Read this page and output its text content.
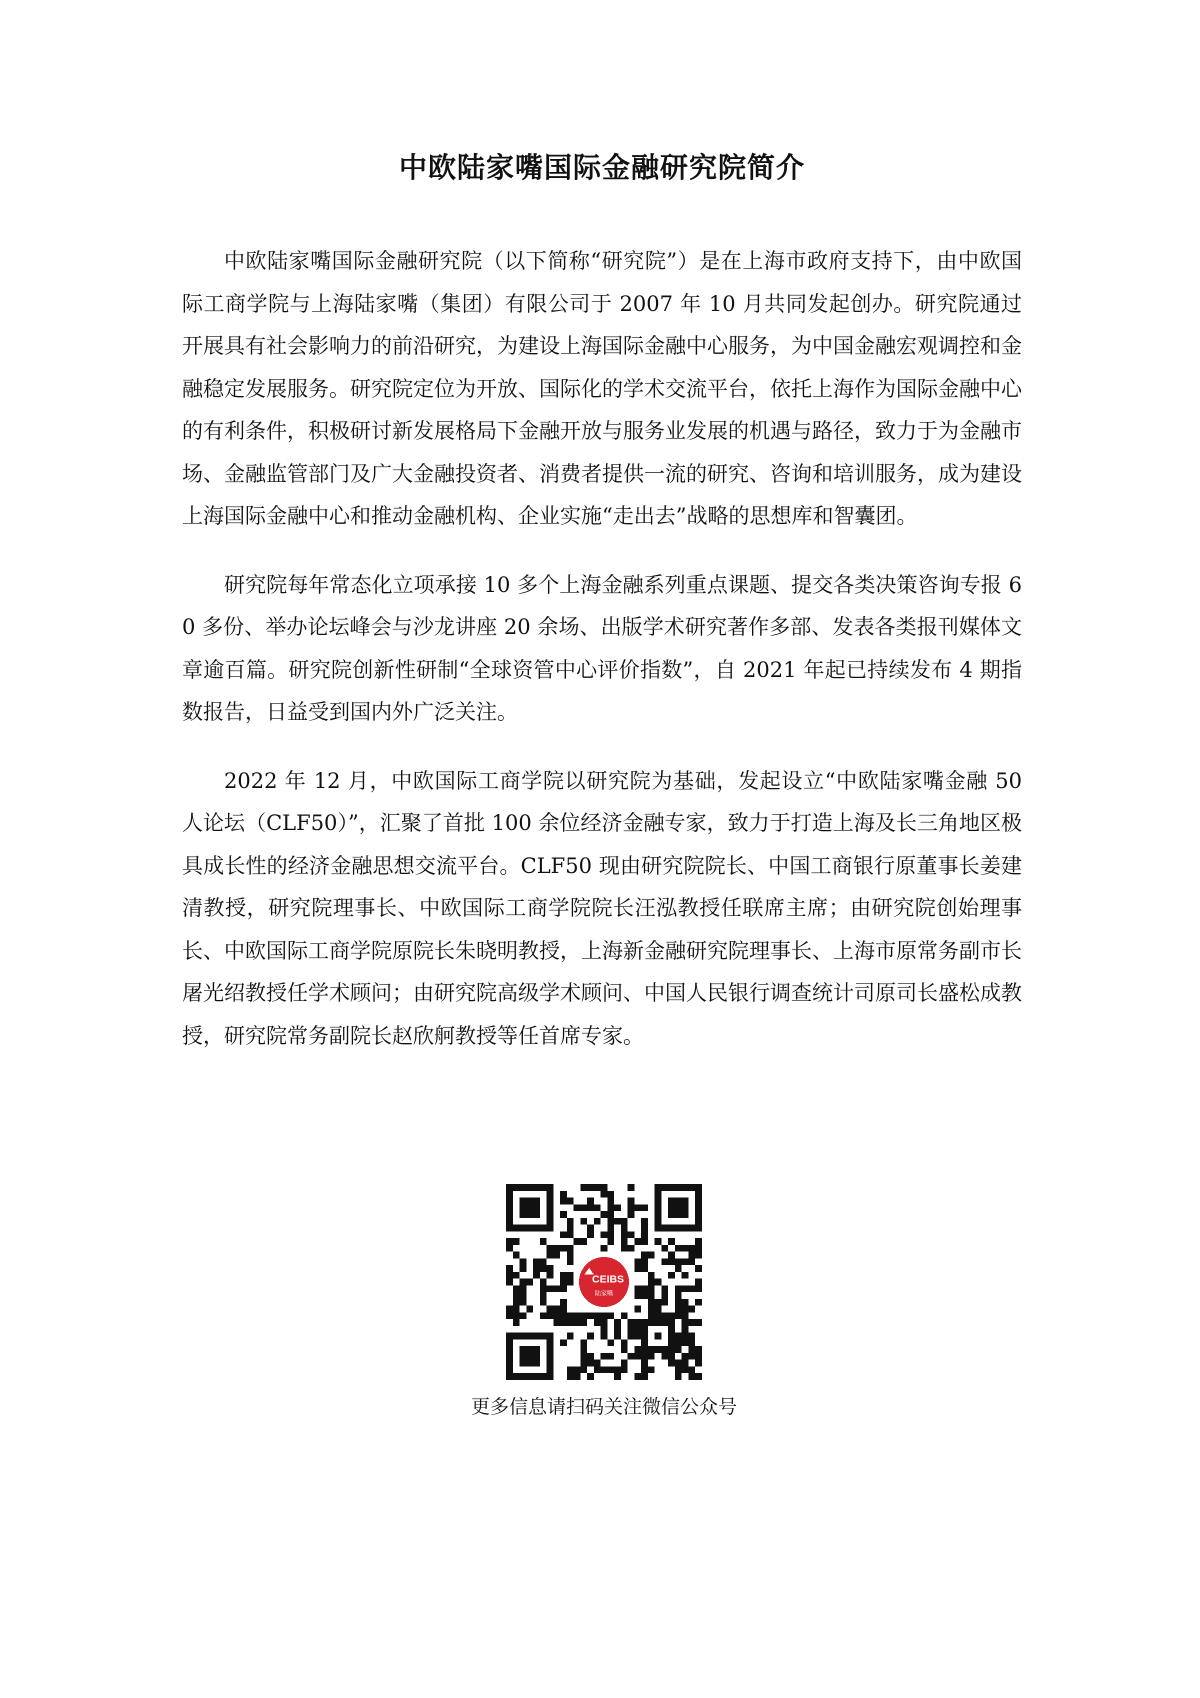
中欧陆家嘴国际金融研究院简介

中欧陆家嘴国际金融研究院（以下简称“研究院”）是在上海市政府支持下，由中欧国际工商学院与上海陆家嘴（集团）有限公司于 2007 年 10 月共同发起创办。研究院通过开展具有社会影响力的前沿研究，为建设上海国际金融中心服务，为中国金融宏观调控和金融稳定发展服务。研究院定位为开放、国际化的学术交流平台，依托上海作为国际金融中心的有利条件，积极研讨新发展格局下金融开放与服务业发展的机遇与路径，致力于为金融市场、金融监管部门及广大金融投资者、消费者提供一流的研究、咨询和培训服务，成为建设上海国际金融中心和推动金融机构、企业实施“走出去”战略的思想库和智囊团。

研究院每年常态化立项承接 10 多个上海金融系列重点课题、提交各类决策咨询专报 60 多份、举办论坛峰会与沙龙讲座 20 余场、出版学术研究著作多部、发表各类报刊媒体文章逾百篇。研究院创新性研制“全球资管中心评价指数”，自 2021 年起已持续发布 4 期指数报告，日益受到国内外广泛关注。

2022 年 12 月，中欧国际工商学院以研究院为基础，发起设立“中欧陆家嘴金融 50 人论坛（CLF50）”，汇聚了首批 100 余位经济金融专家，致力于打造上海及长三角地区极具成长性的经济金融思想交流平台。CLF50 现由研究院院长、中国工商银行原董事长姜建清教授，研究院理事长、中欧国际工商学院院长汪泓教授任联席主席；由研究院创始理事长、中欧国际工商学院原院长朱晓明教授，上海新金融研究院理事长、上海市原常务副市长屠光绍教授任学术顾问；由研究院高级学术顾问、中国人民银行调查统计司原司长盛松成教授，研究院常务副院长赵欣舸教授等任首席专家。

CEIBS
更多信息请扫码关注微信公众号
